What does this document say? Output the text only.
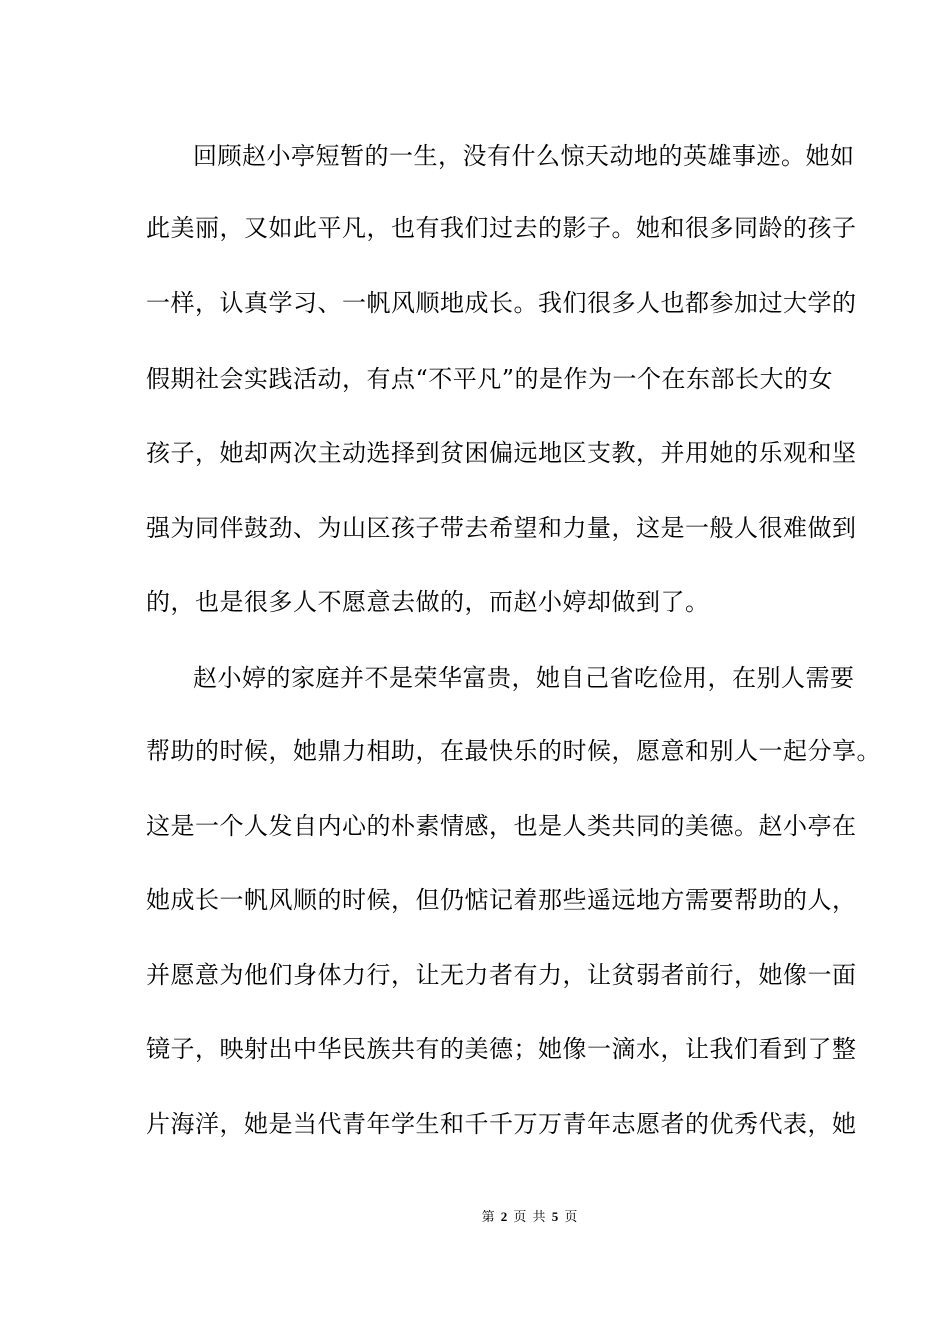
回顾赵小亭短暂的一生，没有什么惊天动地的英雄事迹。她如
此美丽，又如此平凡，也有我们过去的影子。她和很多同龄的孩子
一样，认真学习、一帆风顺地成长。我们很多人也都参加过大学的
假期社会实践活动，有点“不平凡”的是作为一个在东部长大的女
孩子，她却两次主动选择到贫困偏远地区支教，并用她的乐观和坚
强为同伴鼓劲、为山区孩子带去希望和力量，这是一般人很难做到
的，也是很多人不愿意去做的，而赵小婷却做到了。
赵小婷的家庭并不是荣华富贵，她自己省吃俭用，在别人需要
帮助的时候，她鼎力相助，在最快乐的时候，愿意和别人一起分享。
这是一个人发自内心的朴素情感，也是人类共同的美德。赵小亭在
她成长一帆风顺的时候，但仍惦记着那些遥远地方需要帮助的人，
并愿意为他们身体力行，让无力者有力，让贫弱者前行，她像一面
镜子，映射出中华民族共有的美德；她像一滴水，让我们看到了整
片海洋，她是当代青年学生和千千万万青年志愿者的优秀代表，她
第 2 页 共 5 页
